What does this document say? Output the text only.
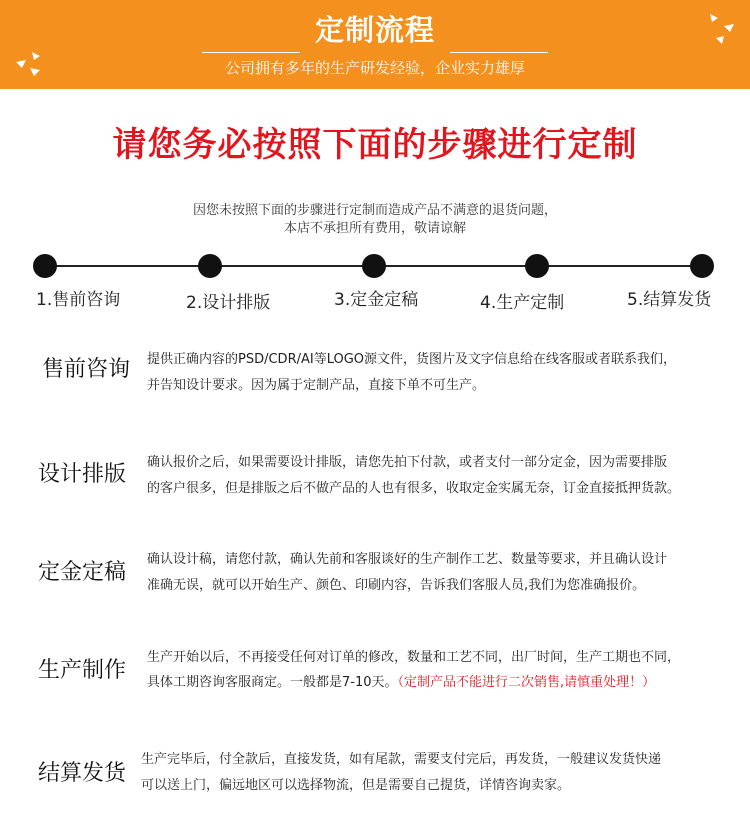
定制流程
公司拥有多年的生产研发经验，企业实力雄厚
请您务必按照下面的步骤进行定制
因您未按照下面的步骤进行定制而造成产品不满意的退货问题，
本店不承担所有费用，敬请谅解
1.售前咨询	2.设计排版	3.定金定稿	4.生产定制	5.结算发货
售前咨询 提供正确内容的PSD/CDR/AI等LOGO源文件，货图片及文字信息给在线客服或者联系我们，
并告知设计要求。因为属于定制产品，直接下单不可生产。
设计排版 确认报价之后，如果需要设计排版，请您先拍下付款，或者支付一部分定金，因为需要排版
的客户很多，但是排版之后不做产品的人也有很多，收取定金实属无奈，订金直接抵押货款。
定金定稿
确认设计稿，请您付款，确认先前和客服谈好的生产制作工艺、数量等要求，并且确认设计
准确无误，就可以开始生产、颜色、印刷内容，告诉我们客服人员,我们为您准确报价。
生产制作
生产开始以后，不再接受任何对订单的修改，数量和工艺不同，出厂时间，生产工期也不同，
具体工期咨询客服商定。一般都是7-10天。（定制产品不能进行二次销售,请慎重处理！）
结算发货
生产完毕后，付全款后，直接发货，如有尾款，需要支付完后，再发货，一般建议发货快递
可以送上门，偏远地区可以选择物流，但是需要自己提货，详情咨询卖家。
